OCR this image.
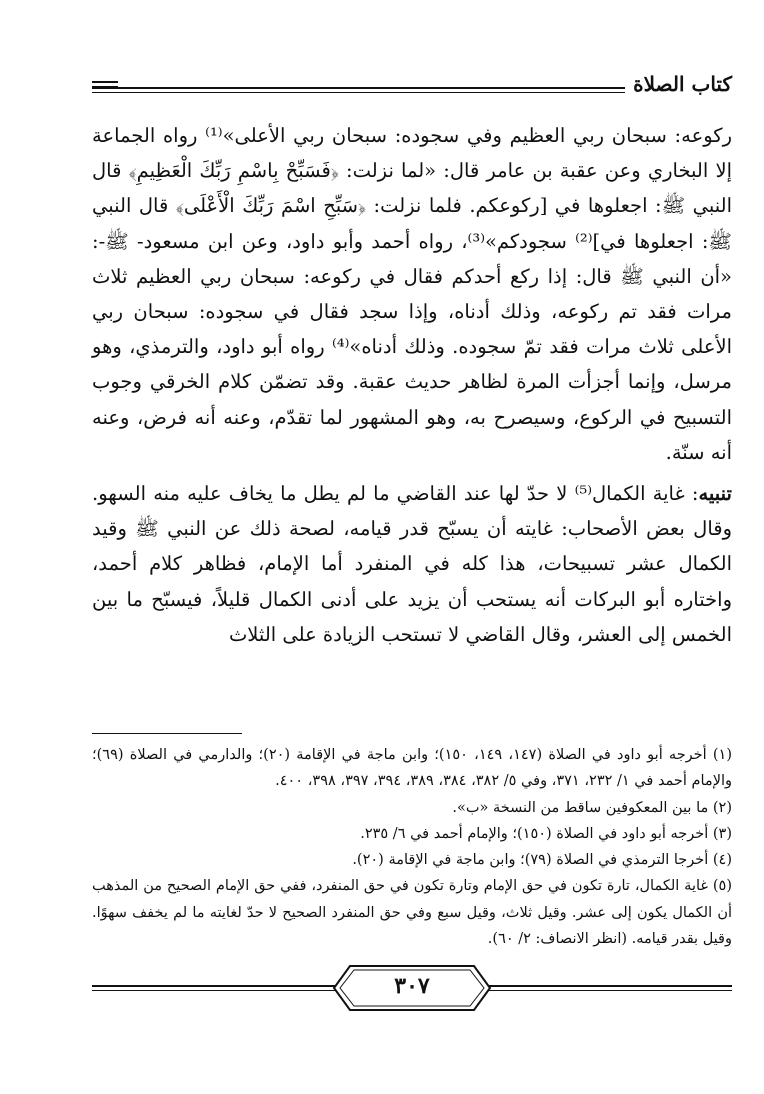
كتاب الصلاة

ركوعه: سبحان ربي العظيم وفي سجوده: سبحان ربي الأعلى»⁽¹⁾ رواه الجماعة إلا البخاري وعن عقبة بن عامر قال: «لما نزلت: ﴿فَسَبِّحْ بِاسْمِ رَبِّكَ الْعَظِيمِ﴾ قال النبي ﷺ: اجعلوها في [ركوعكم. فلما نزلت: ﴿سَبِّحِ اسْمَ رَبِّكَ الْأَعْلَى﴾ قال النبي ﷺ: اجعلوها في]⁽²⁾ سجودكم»⁽³⁾، رواه أحمد وأبو داود، وعن ابن مسعود- ﷺ-: «أن النبي ﷺ قال: إذا ركع أحدكم فقال في ركوعه: سبحان ربي العظيم ثلاث مرات فقد تم ركوعه، وذلك أدناه، وإذا سجد فقال في سجوده: سبحان ربي الأعلى ثلاث مرات فقد تمّ سجوده. وذلك أدناه»⁽⁴⁾ رواه أبو داود، والترمذي، وهو مرسل، وإنما أجزأت المرة لظاهر حديث عقبة. وقد تضمّن كلام الخرقي وجوب التسبيح في الركوع، وسيصرح به، وهو المشهور لما تقدّم، وعنه أنه فرض، وعنه أنه سنّة.

تنبيه: غاية الكمال⁽⁵⁾ لا حدّ لها عند القاضي ما لم يطل ما يخاف عليه منه السهو. وقال بعض الأصحاب: غايته أن يسبّح قدر قيامه، لصحة ذلك عن النبي ﷺ وقيد الكمال عشر تسبيحات، هذا كله في المنفرد أما الإمام، فظاهر كلام أحمد، واختاره أبو البركات أنه يستحب أن يزيد على أدنى الكمال قليلاً، فيسبّح ما بين الخمس إلى العشر، وقال القاضي لا تستحب الزيادة على الثلاث

(١) أخرجه أبو داود في الصلاة (١٤٧، ١٤٩، ١٥٠)؛ وابن ماجة في الإقامة (٢٠)؛ والدارمي في الصلاة (٦٩)؛ والإمام أحمد في ١/ ٢٣٢، ٣٧١، وفي ٥/ ٣٨٢، ٣٨٤، ٣٨٩، ٣٩٤، ٣٩٧، ٣٩٨، ٤٠٠.

(٢) ما بين المعكوفين ساقط من النسخة «ب».

(٣) أخرجه أبو داود في الصلاة (١٥٠)؛ والإمام أحمد في ٦/ ٢٣٥.

(٤) أخرجا الترمذي في الصلاة (٧٩)؛ وابن ماجة في الإقامة (٢٠).

(٥) غاية الكمال، تارة تكون في حق الإمام وتارة تكون في حق المنفرد، ففي حق الإمام الصحيح من المذهب أن الكمال يكون إلى عشر. وقيل ثلاث، وقيل سبع وفي حق المنفرد الصحيح لا حدّ لغايته ما لم يخفف سهوًا. وقيل بقدر قيامه. (انظر الانصاف: ٢/ ٦٠).

٣٠٧
